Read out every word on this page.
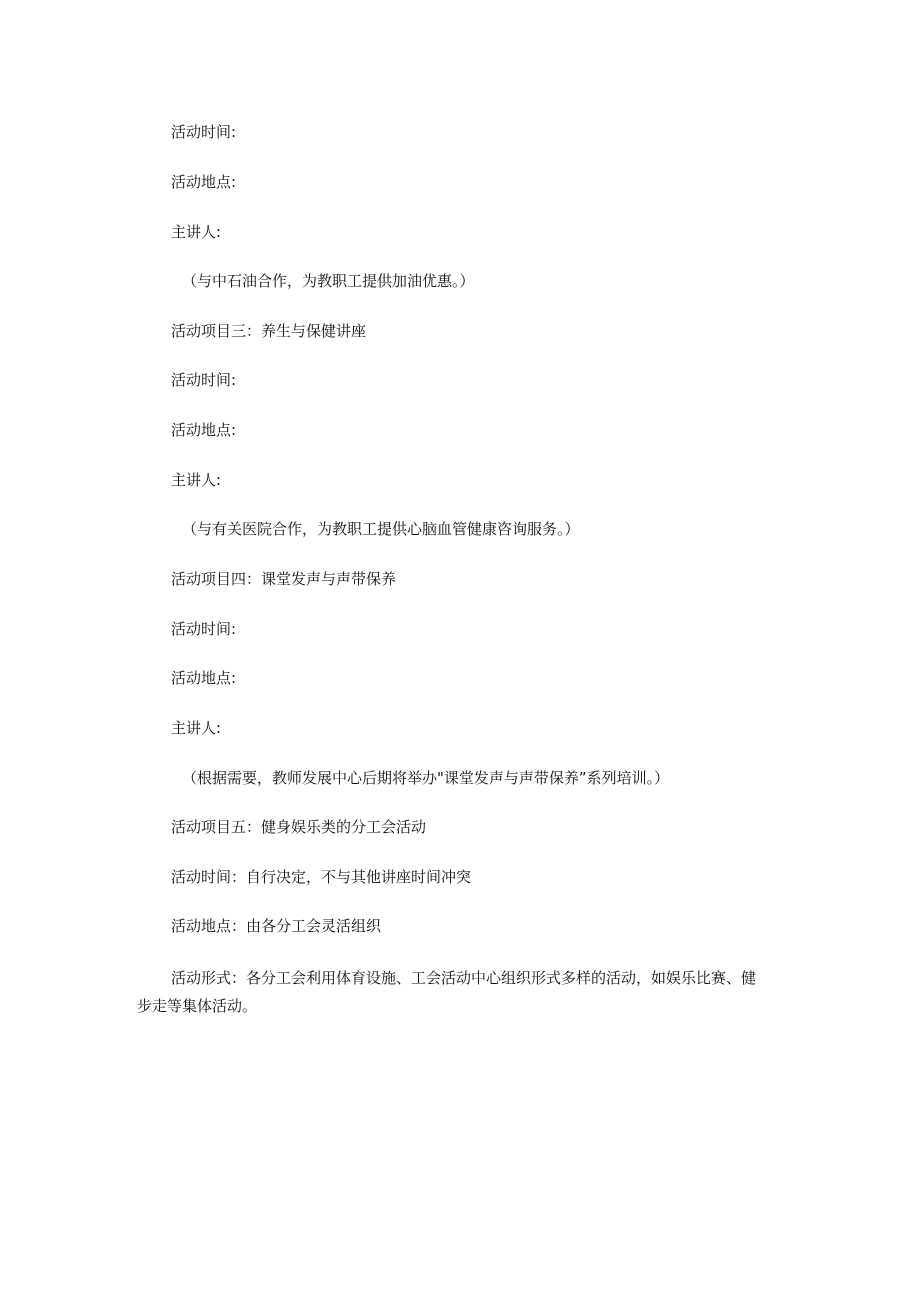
活动时间:
活动地点:
主讲人:
（与中石油合作，为教职工提供加油优惠。）
活动项目三：养生与保健讲座
活动时间:
活动地点:
主讲人:
（与有关医院合作，为教职工提供心脑血管健康咨询服务。）
活动项目四：课堂发声与声带保养
活动时间:
活动地点:
主讲人:
（根据需要，教师发展中心后期将举办"课堂发声与声带保养”系列培训。）
活动项目五：健身娱乐类的分工会活动
活动时间：自行决定，不与其他讲座时间冲突
活动地点：由各分工会灵活组织
活动形式：各分工会利用体育设施、工会活动中心组织形式多样的活动，如娱乐比赛、健步走等集体活动。
